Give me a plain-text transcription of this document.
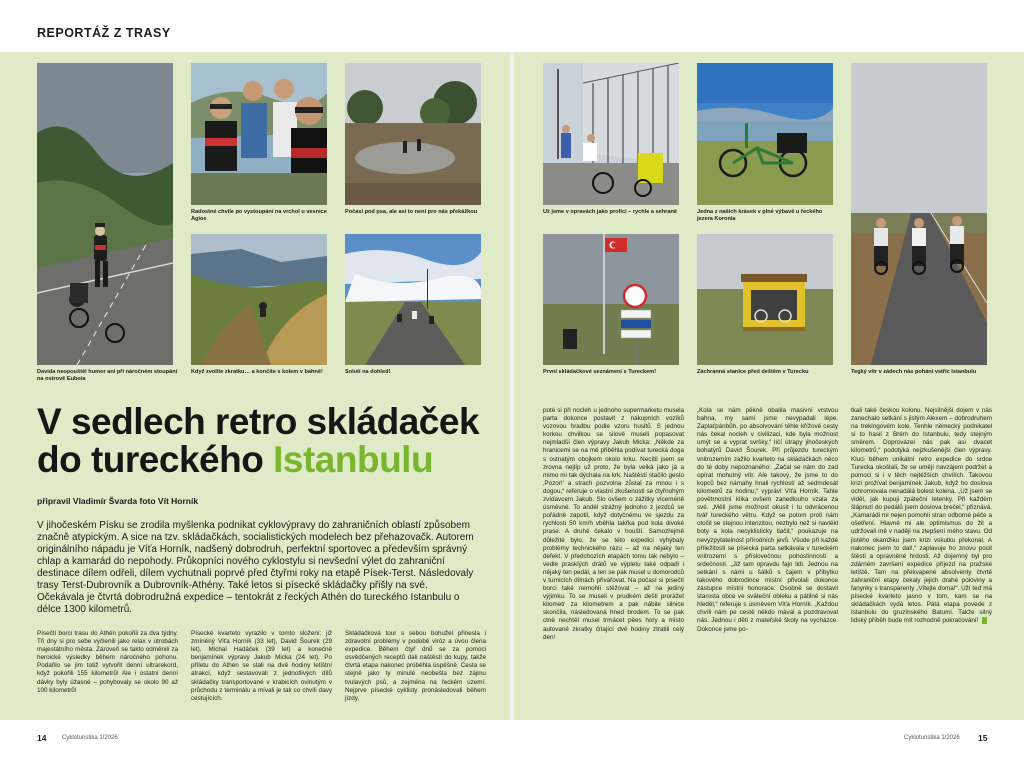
REPORTÁŽ Z TRASY
Davida neopouštěl humor ani při náročném stoupání na ostrově Euboia
Radostné chvíle po vystoupání na vrchol u vesnice Agios
Počasí pod psa, ale asi to není pro nás překážkou
Když zvolíte zkratku… a končíte s kolem v bahně!	Solutí na dohled!
Už jsme v opravách jako profíci – rychle a sehraně	Jedna z našich krásek v plné výbavě u řeckého jezera Koronia
První skládačkové seznámení s Tureckem!	Záchranná stanice před deštěm v Turecku	Tegký vítr v zádech nás pohání vstříc Istanbulu
V sedlech retro skládaček
do tureckého Istanbulu
připravil Vladimír Švarda foto Vít Horník
V jihočeském Písku se zrodila myšlenka podnikat cyklovýpravy do zahraničních oblastí způsobem značně atypickým. A sice na tzv. skládačkách, socialistických modelech bez přehazovačk. Autorem originálního nápadu je Víťa Horník, nadšený dobrodruh, perfektní sportovec a především správný chlap a kamarád do nepohody. Průkopníci nového cyklostylu si nevšední výlet do zahraniční destinace dílem odřeli, dílem vychutnali poprvé před čtyřmi roky na etapě Písek-Terst. Následovaly trasy Terst-Dubrovník a Dubrovník-Athény. Také letos si písecké skládačky přišly na své. Očekávala je čtvrtá dobrodružná expedice – tentokrát z řeckých Athén do tureckého Istanbulu o délce 1300 kilometrů.
Písečtí borci trasu do Athén pokořili za dva týdny. Tři dny si pro sebe vyčlenili jako relax v útrobách majestátního města. Zároveň se takto odměnili za heroické výsledky během náročného pohonu. Podařilo se jim totiž vytvořit denní ultrarekord, když pokořili 155 kilometrů! Ale i ostatní denní dávky byly úžasné – pohybovaly se okolo 90 až 100 kilometrů!
Písecké kvarteto vyrazilo v tomto složení: již zmíněný Víťa Horník (33 let), David Šourek (29 let), Michal Hadáček (39 let) a konečně benjamínek výpravy Jakub Micka (24 let). Po příletu do Athén se stali na dvě hodiny letištní atrakcí, když sestavovali z jednotlivých dílů skládačky transportované v krabicích ovinutým v průchodu z terminálu a mívali je tak co chvíli davy cestujících.
Skládačková tour s sebou bohužel přinesla i zdravotní problémy v podobě viróz a úvou člena expedice. Během čtyř dnů se za pomoci osvědčených receptů dali naštěstí do kupy, takže čtvrtá etapa nakonec proběhla úspěšně. Cesta se stejně jako ty minulé neobešla bez zájmu tvulavých psů, a zejména na řeckém území. Nejprve písecké cyklisty pronásledovali během jízdy,
poté si při nocleh u jednoho supermarketu musela parta dokonce postavit z nákupních vozíků vozovou hradbu podle vzoru husitů. S jednou korkou chvilkou se silově museli popasovat nejmladší člen výpravy Jakub Micka: „Někde za hranicemi se na mě přiběhla podívat turecká doga s ostnatým obojkem okolo krku. Necítil jsem se zrovna nejlíp už proto, že byla velká jako já a mimo mi tak dýchala na krk. Naštěstí stačilo gesto ‚Pozor!‘ a strach pozvolna zůstal za mnou i s dogou,“ referuje o vlastní zkušenosti se čtyřnohým zvídavcem Jakub. Slo ovšem o zážitky víceméně úsměvné. To anděl strážný jednoho z jezdců se pořádně zapotil, když dotyčnému ve sjezdu za rychlosti 50 km/h vběhla takřka pod kola divoké prase. A druhé čekalo v houští. Samozřejmě důležité bylo, že se této expedici vyhýbaly problémy technického rázu – až na nějaký ten defekt. V předchozích etapách tomu tak nebylo – vedle prasklých drátů ve výpletu také odpadl i nějaký ten pedál, a ten se pak musel u domorodců v turnicích dílnách přivařovat. Na počasí si písečtí borci také nemohli stěžovat – až na jediný výjimku. To se museli v prudkém dešti prorážet kilometr za kilometrem a pak nábile silnice skončila, následovaná hned brodem. To se pak ctně nechtěl musel trmácet pěes hory a místo autované zkratky čítající dvě hodiny ztratili celý den!
„Kola se nám pěkně obalila masivní vrstvou bahna, my samí jsme nevypadali lépe. Zaplaťpánbůh, po absolvování téhle křížové cesty nás čekal nocleh v civilizaci, kde byla možnost umýt se a vyprat svršky,“ líčí útrapy jihočeských bohatýrů David Šourek. Při průjezdu tureckým vnitrozemím zažilo kvarteto na skládačkách něco do té doby nepoznaného: „Začal se nám do zad opírat mohutný vítr. Ale takový, že jsme to do kopců bez námahy hnali rychlostí až sedmdesát kilometrů za hodinu,“ vypráví Víťa Horník. Tahle povětrnostní klika ovšem zanedlouho vzala za své. „Měli jsme možnost okusit i tu odvrácenou tvář tureckého větru. Když se potom proti nám otočil se stejnou intenzitou, nezbylo než si navlékl boty a kola necyklisticky tlačit,“ poukazuje na nevyzpytatelnost přírodních jevů. Všude při každé příležitosti se písecká parta setkávala v tureckém vnitrozemí s příslovečnou pohostinností a srdečností. „Již tam opravdu fajn lidi. Jednou na setkání s námi u šálků s čajem v příbytku takového dobrodince místní přivolali dokonce zástupce místní honorace. Osobně se dostavil starosta obce ve sváteční obleku a pátilně si nás hleděl,“ referuje s úsměvem Víťa Horník. „Každou chvíli nám pe cestě někdo mával a pozdravoval nás. Jednou i děti z mateřské školy na vycházce. Dokonce jsme po-
tkali také českou kolonu. Nejsilnější dojem v nás zanechalo setkání s jistým Alexem – dobrodruhem na trekingovém kole. Tenhle německý podnikatel si to hasil z Brém do Istanbulu, tedy stejným směrem. Doprovázel nás pak asi dvacet kilometrů,“ podotýká nejzkušenější člen výpravy. Kluci během unikátní retro expedice do srdce Turecka okoštali, že se umějí navzájem podržet a pomoci si i v těch nejtěžších chvílích. Takovou krizi prožíval benjamínek Jakub, když ho doslova ochromovala nenadálá bolest kolena. „Už jsem se viděl, jak kupuji zpáteční letenky. Při každém šlápnutí do pedálů jsem doslova brečel,“ přiznává. „Kamarádi mi nejen pomohli stran odborné péče a ošetření. Hlavně mi ale optimismus do žil a udržovali mě v naději na zlepšení mého stavu. Od jistého okamžiku jsem krizi vskutku překonal. A nakonec jsem to dal!,“ zaplavuje ho znovu pocit štěstí a opravněné hrdosti. Až dojemný byl pro zdárném završení expedice příjezd na pražské letiště. Tam na překvapené absolventy čtvrté zahraniční etapy čekaly jejich drahé poloviny a fanynky s transparenty „Vítejte doma!“. Uží teď má písecké kvarteto jasno v tom, kam se na skládačkách vydá letos. Pátá etapa povede z Istanbulu do gruzínského Batumi. Takže silný lidský příběh bude mít rozhodně pokračování!
14	Cykloturistika 1/2026	Cykloturistika 1/2026 15
